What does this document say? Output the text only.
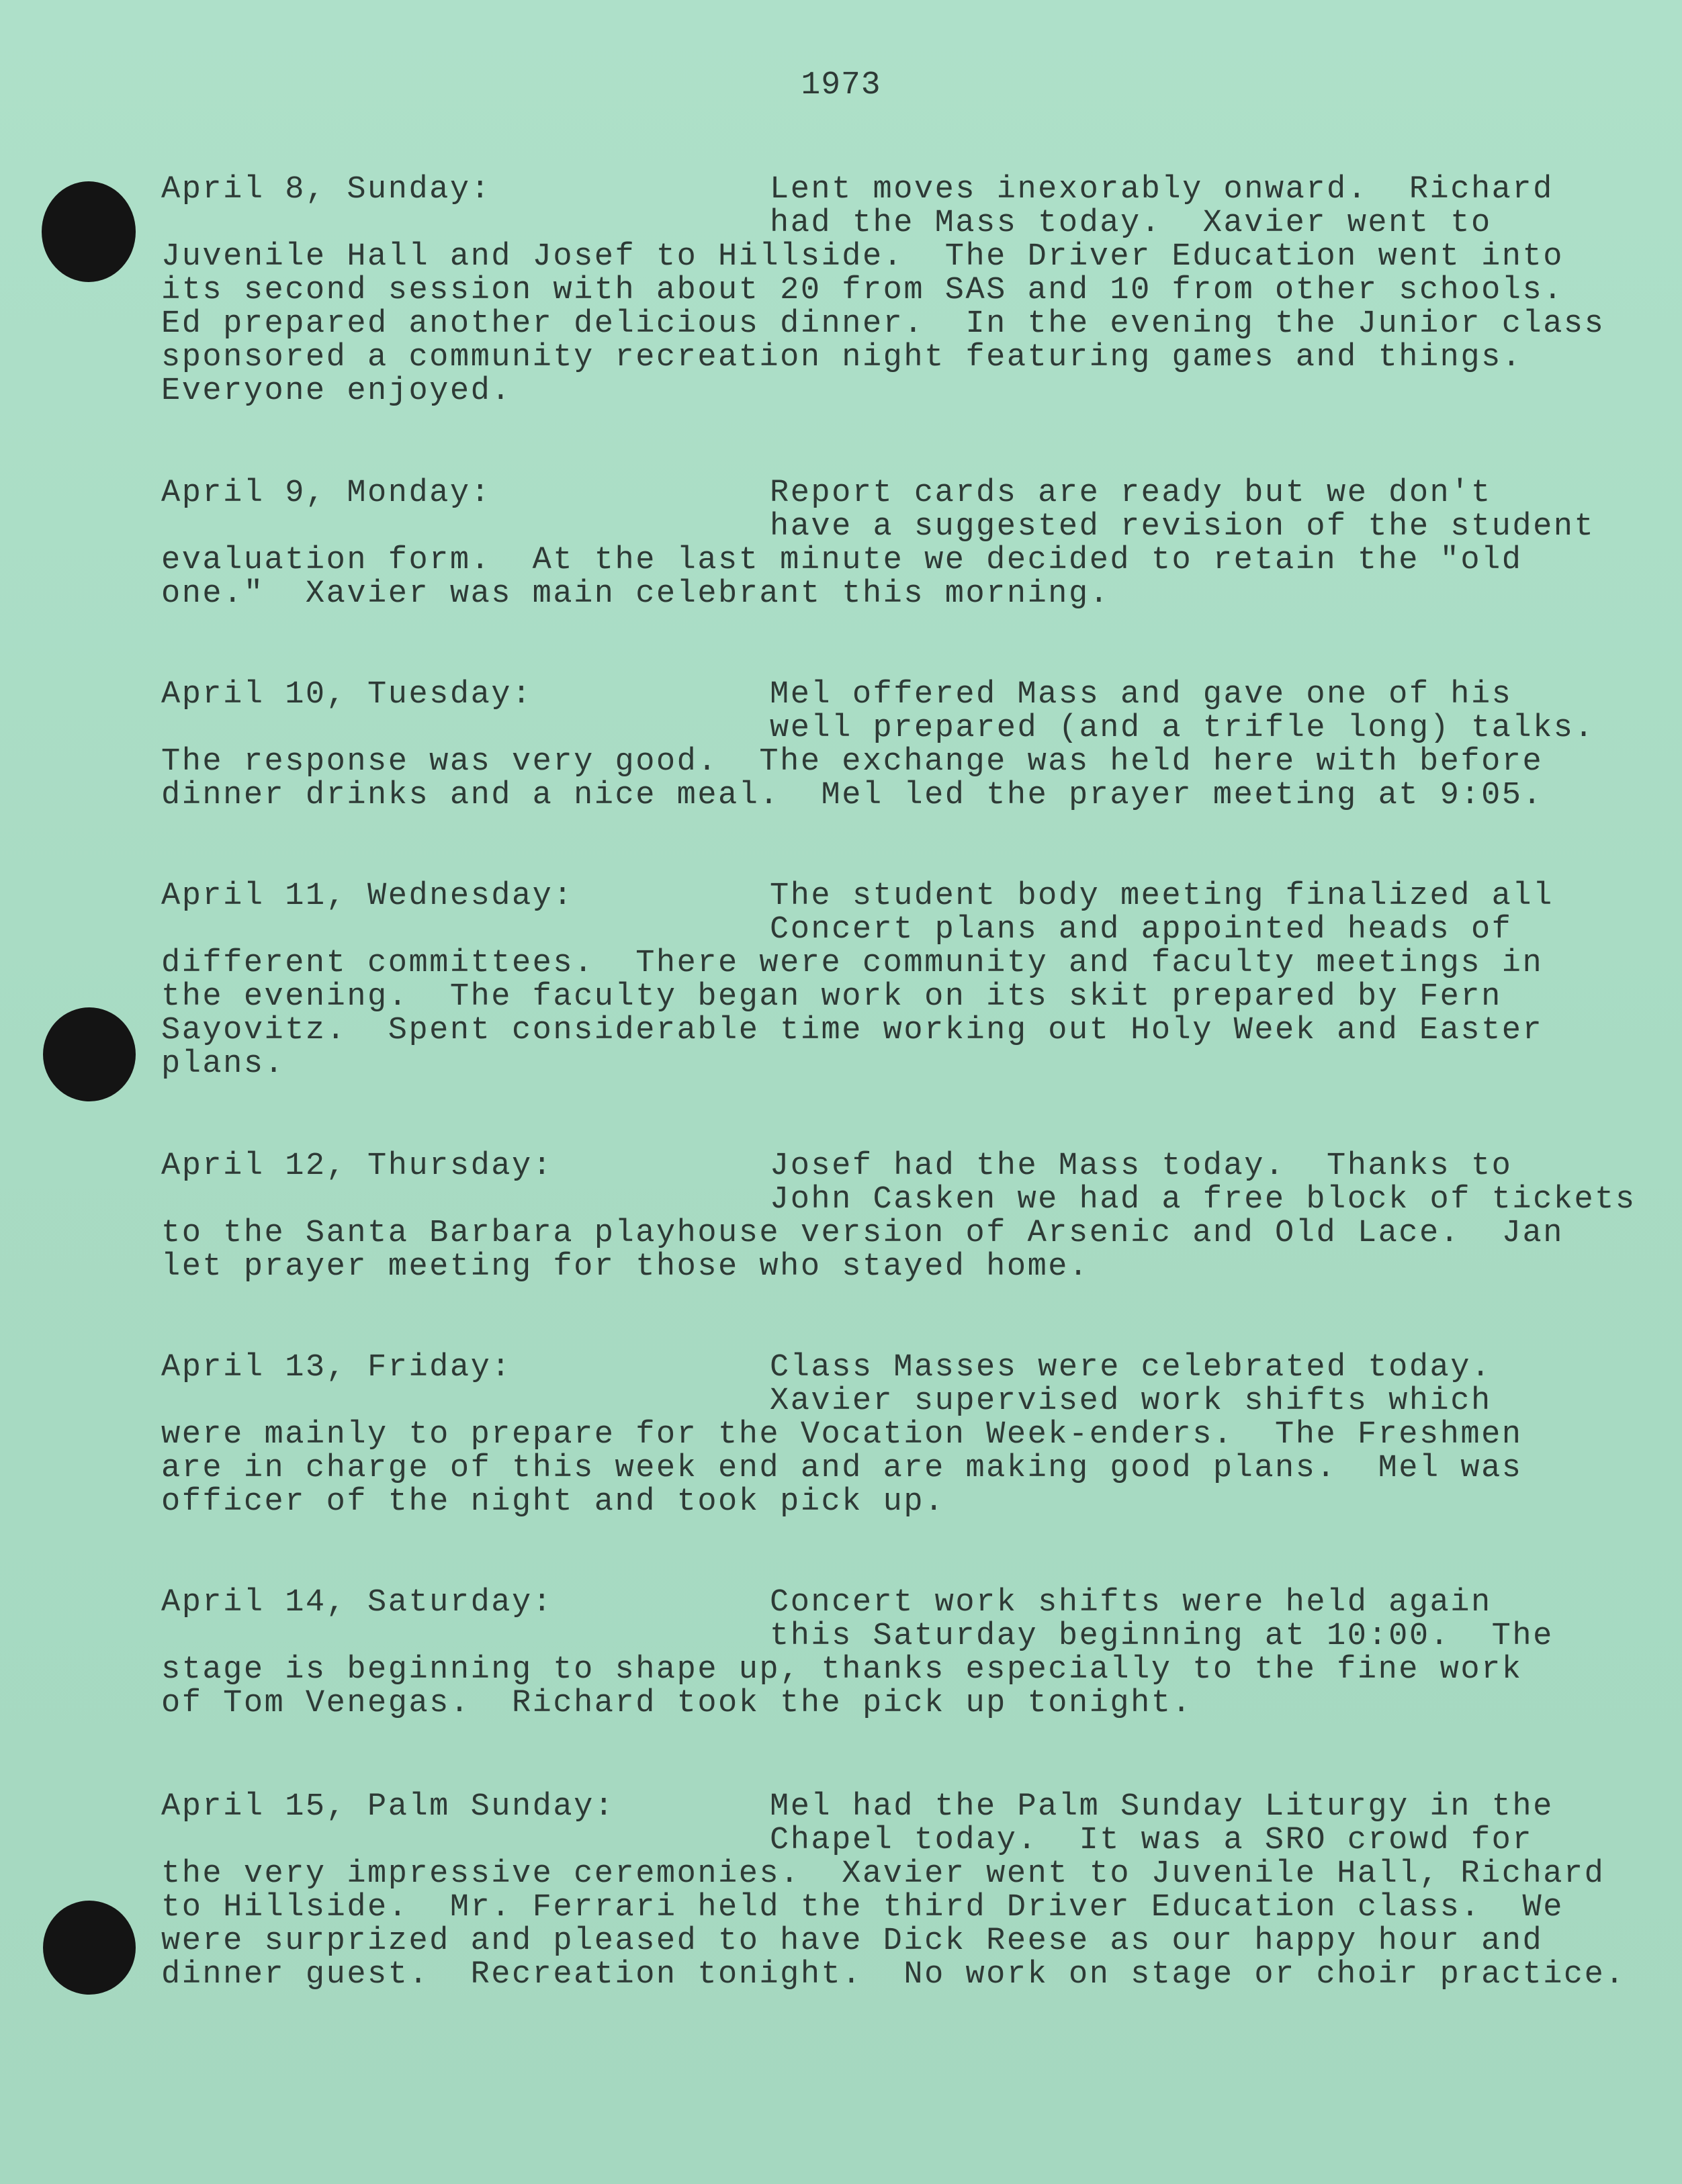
1973

April 8, Sunday:

	Lent moves inexorably onward.  Richard

had the Mass today.  Xavier went to
Juvenile Hall and Josef to Hillside.  The Driver Education went into
its second session with about 20 from SAS and 10 from other schools.
Ed prepared another delicious dinner.  In the evening the Junior class
sponsored a community recreation night featuring games and things.
Everyone enjoyed.

April 9, Monday:

	Report cards are ready but we don't

have a suggested revision of the student
evaluation form.  At the last minute we decided to retain the "old
one."  Xavier was main celebrant this morning.

April 10, Tuesday:

	Mel offered Mass and gave one of his

well prepared (and a trifle long) talks.
The response was very good.  The exchange was held here with before
dinner drinks and a nice meal.  Mel led the prayer meeting at 9:05.

April 11, Wednesday:

	The student body meeting finalized all

Concert plans and appointed heads of
different committees.  There were community and faculty meetings in
the evening.  The faculty began work on its skit prepared by Fern
Sayovitz.  Spent considerable time working out Holy Week and Easter
plans.

April 12, Thursday:

	Josef had the Mass today.  Thanks to

John Casken we had a free block of tickets
to the Santa Barbara playhouse version of Arsenic and Old Lace.  Jan
let prayer meeting for those who stayed home.

April 13, Friday:

	Class Masses were celebrated today.

Xavier supervised work shifts which
were mainly to prepare for the Vocation Week-enders.  The Freshmen
are in charge of this week end and are making good plans.  Mel was
officer of the night and took pick up.

April 14, Saturday:

	Concert work shifts were held again

this Saturday beginning at 10:00.  The
stage is beginning to shape up, thanks especially to the fine work
of Tom Venegas.  Richard took the pick up tonight.

April 15, Palm Sunday:

	Mel had the Palm Sunday Liturgy in the

Chapel today.  It was a SRO crowd for
the very impressive ceremonies.  Xavier went to Juvenile Hall, Richard
to Hillside.  Mr. Ferrari held the third Driver Education class.  We
were surprized and pleased to have Dick Reese as our happy hour and
dinner guest.  Recreation tonight.  No work on stage or choir practice.
